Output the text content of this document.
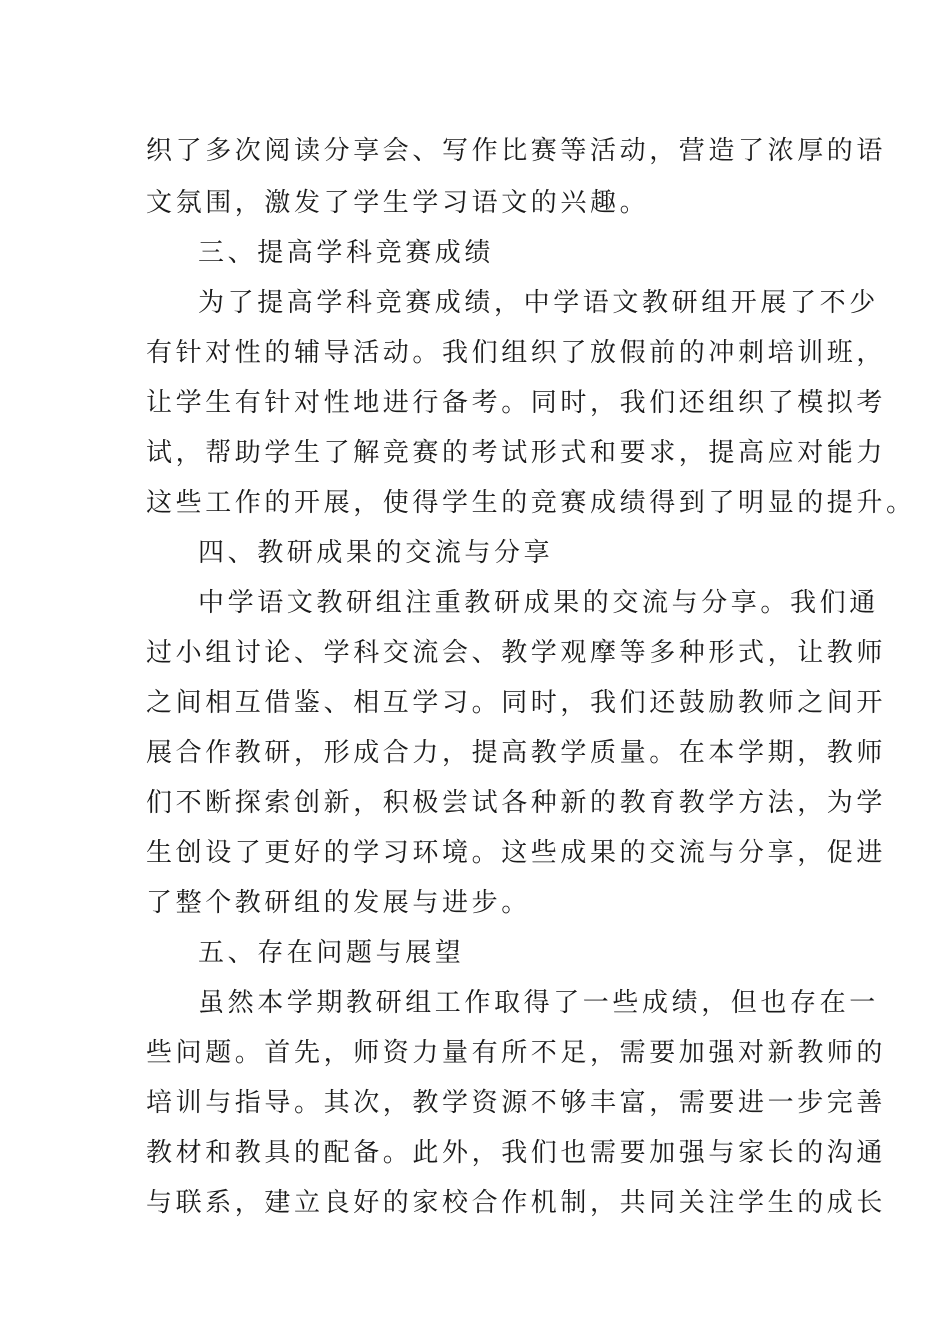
织了多次阅读分享会、写作比赛等活动，营造了浓厚的语
文氛围，激发了学生学习语文的兴趣。
三、提高学科竞赛成绩
为了提高学科竞赛成绩，中学语文教研组开展了不少
有针对性的辅导活动。我们组织了放假前的冲刺培训班，
让学生有针对性地进行备考。同时，我们还组织了模拟考
试，帮助学生了解竞赛的考试形式和要求，提高应对能力
这些工作的开展，使得学生的竞赛成绩得到了明显的提升。
四、教研成果的交流与分享
中学语文教研组注重教研成果的交流与分享。我们通
过小组讨论、学科交流会、教学观摩等多种形式，让教师
之间相互借鉴、相互学习。同时，我们还鼓励教师之间开
展合作教研，形成合力，提高教学质量。在本学期，教师
们不断探索创新，积极尝试各种新的教育教学方法，为学
生创设了更好的学习环境。这些成果的交流与分享，促进
了整个教研组的发展与进步。
五、存在问题与展望
虽然本学期教研组工作取得了一些成绩，但也存在一
些问题。首先，师资力量有所不足，需要加强对新教师的
培训与指导。其次，教学资源不够丰富，需要进一步完善
教材和教具的配备。此外，我们也需要加强与家长的沟通
与联系，建立良好的家校合作机制，共同关注学生的成长
